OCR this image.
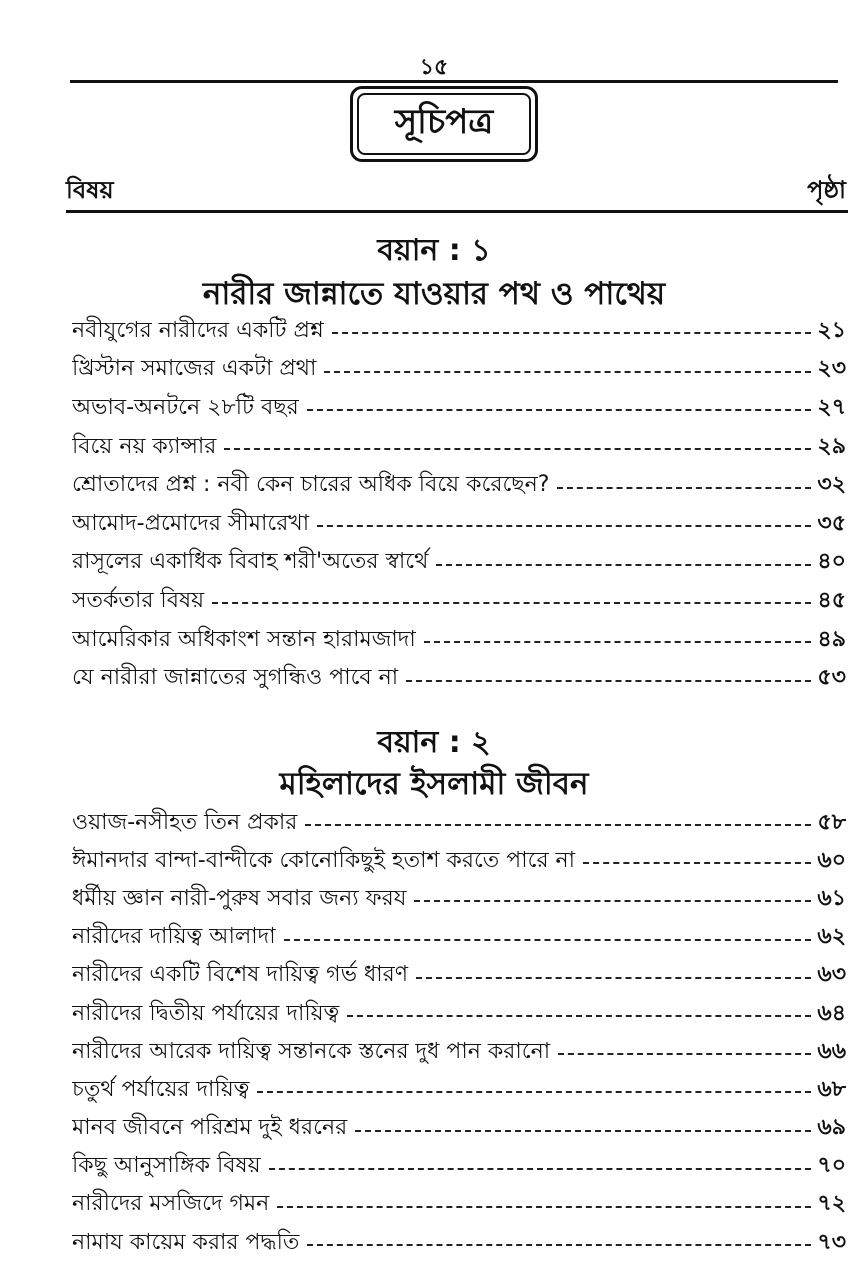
১৫
সূচিপত্র
বিষয়	পৃষ্ঠা
বয়ান : ১
নারীর জান্নাতে যাওয়ার পথ ও পাথেয়
নবীযুগের নারীদের একটি প্রশ্ন	২১
খ্রিস্টান সমাজের একটা প্রথা	২৩
অভাব-অনটনে ২৮টি বছর	২৭
বিয়ে নয় ক্যান্সার	২৯
শ্রোতাদের প্রশ্ন : নবী কেন চারের অধিক বিয়ে করেছেন?	৩২
আমোদ-প্রমোদের সীমারেখা	৩৫
রাসূলের একাধিক বিবাহ শরী'অতের স্বার্থে	৪০
সতর্কতার বিষয়	৪৫
আমেরিকার অধিকাংশ সন্তান হারামজাদা	৪৯
যে নারীরা জান্নাতের সুগন্ধিও পাবে না	৫৩
বয়ান : ২
মহিলাদের ইসলামী জীবন
ওয়াজ-নসীহত তিন প্রকার	৫৮
ঈমানদার বান্দা-বান্দীকে কোনোকিছুই হতাশ করতে পারে না	৬০
ধর্মীয় জ্ঞান নারী-পুরুষ সবার জন্য ফরয	৬১
নারীদের দায়িত্ব আলাদা	৬২
নারীদের একটি বিশেষ দায়িত্ব গর্ভ ধারণ	৬৩
নারীদের দ্বিতীয় পর্যায়ের দায়িত্ব	৬৪
নারীদের আরেক দায়িত্ব সন্তানকে স্তনের দুধ পান করানো	৬৬
চতুর্থ পর্যায়ের দায়িত্ব	৬৮
মানব জীবনে পরিশ্রম দুই ধরনের	৬৯
কিছু আনুসাঙ্গিক বিষয়	৭০
নারীদের মসজিদে গমন	৭২
নামায কায়েম করার পদ্ধতি	৭৩
